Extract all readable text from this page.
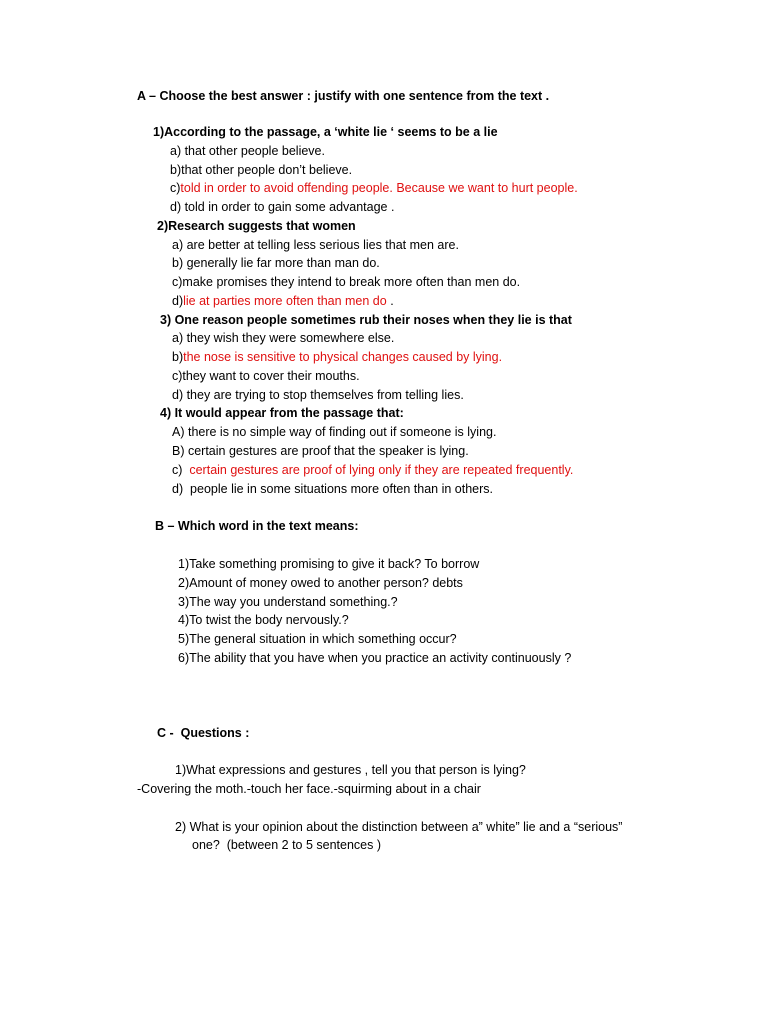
A – Choose the best answer : justify with one sentence from the text .
1)According to the passage, a ‘white lie ‘ seems to be a lie
a) that other people believe.
b)that other people don’t believe.
c)told in order to avoid offending people. Because we want to hurt people.
d) told in order to gain some advantage .
2)Research suggests that women
a) are better at telling less serious lies that men are.
b) generally lie far more than man do.
c)make promises they intend to break more often than men do.
d)lie at parties more often than men do .
3) One reason people sometimes rub their noses when they lie is that
a) they wish they were somewhere else.
b)the nose is sensitive to physical changes caused by lying.
c)they want to cover their mouths.
d) they are trying to stop themselves from telling lies.
4) It would appear from the passage that:
A) there is no simple way of finding out if someone is lying.
B) certain gestures are proof that the speaker is lying.
c)  certain gestures are proof of lying only if they are repeated frequently.
d)  people lie in some situations more often than in others.
B – Which word in the text means:
1)Take something promising to give it back? To borrow
2)Amount of money owed to another person? debts
3)The way you understand something.?
4)To twist the body nervously.?
5)The general situation in which something occur?
6)The ability that you have when you practice an activity continuously ?
C -  Questions :
1)What expressions and gestures , tell you that person is lying?
-Covering the moth.-touch her face.-squirming about in a chair
2) What is your opinion about the distinction between a” white” lie and a “serious”
one?  (between 2 to 5 sentences )
